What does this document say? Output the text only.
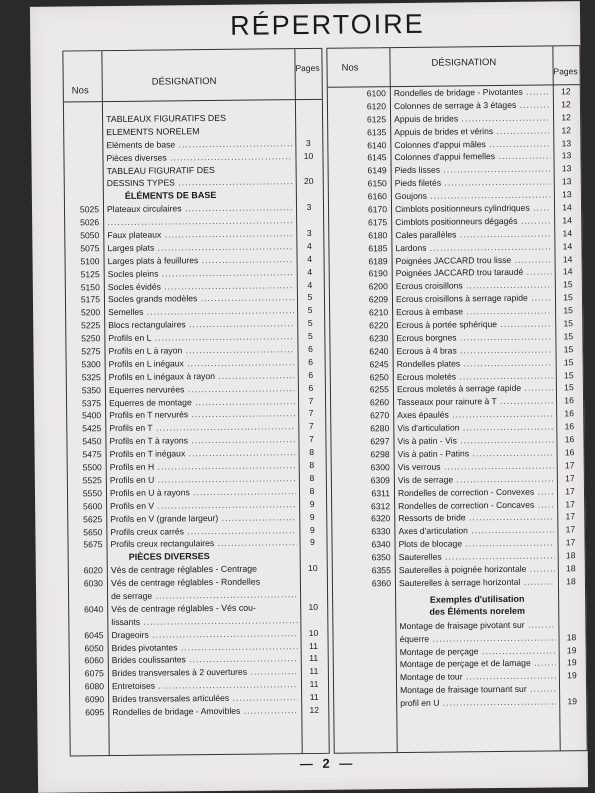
RÉPERTOIRE
Nos
DÉSIGNATION
Pages
TABLEAUX FIGURATIFS DES
ELEMENTS NORELEM
Eléments de base .....	3
Pièces diverses .....	10
TABLEAU FIGURATIF DES
DESSINS TYPES .....	20
ÉLÉMENTS DE BASE
5025 Plateaux circulaires .....	3
5026
.....
5050 Faux plateaux .....	3
5075 Larges plats .....	4
5100 Larges plats à feuillures .....	4
5125 Socles pleins .....	4
5150 Socles évidés .....	4
5175 Socles grands modèles .....	5
5200 Semelles .....	5
5225 Blocs rectangulaires .....	5
5250 Profils en L .....	5
5275 Profils en L à rayon .....	6
5300 Profils en L inégaux .....	6
5325 Profils en L inégaux à rayon .....	6
5350 Equerres nervurées .....	6
5375 Equerres de montage .....	7
5400 Profils en T nervurés .....	7
5425 Profils en T .....	7
5450 Profils en T à rayons .....	7
5475 Profils en T inégaux .....	8
5500 Profils en H .....	8
5525 Profils en U .....	8
5550 Profils en U à rayons .....	8
5600 Profils en V .....	9
5625 Profils en V (grande largeur) .....	9
5650 Profils creux carrés .....	9
5675 Profils creux rectangulaires .....	9
PIÈCES DIVERSES
6020 Vés de centrage réglables - Centrage	10
6030 Vés de centrage réglables - Rondelles
de serrage .....
6040 Vés de centrage réglables - Vés cou-	10
lissants .....
6045 Drageoirs .....	10
6050 Brides pivotantes .....	11
6060 Brides coulissantes .....	11
6075 Brides transversales à 2 ouvertures .....	11
6080 Entretoises .....	11
6090 Brides transversales articulées .....	11
6095 Rondelles de bridage - Amovibles .....	12
Nos	DÉSIGNATION
Pages
6100 Rondelles de bridage - Pivotantes .....	12
6120 Colonnes de serrage à 3 étages .....	12
6125 Appuis de brides .....	12
6135 Appuis de brides et vérins .....	12
6140 Colonnes d'appui mâles .....	13
6145 Colonnes d'appui femelles .....	13
6149 Pieds lisses .....	13
6150 Pieds filetés .....	13
6160 Goujons .....	13
6170 Cimblots positionneurs cylindriques .....	14
6175 Cimblots positionneurs dégagés .....	14
6180 Cales parallèles .....	14
6185 Lardons .....	14
6189 Poignées JACCARD trou lisse .....	14
6190 Poignées JACCARD trou taraudé .....	14
6200 Ecrous croisillons .....	15
6209 Ecrous croisillons à serrage rapide .....	15
6210 Ecrous à embase .....	15
6220 Ecrous à portée sphérique .....	15
6230 Ecrous borgnes .....	15
6240 Ecrous à 4 bras .....	15
6245 Rondelles plates .....	15
6250 Ecrous moletés .....	15
6255 Ecrous moletés à serrage rapide .....	15
6260 Tasseaux pour rainure à T .....	16
6270 Axes épaulés .....	16
6280 Vis d'articulation .....	16
6297 Vis à patin - Vis .....	16
6298 Vis à patin - Patins .....	16
6300 Vis verrous .....	17
6309 Vis de serrage .....	17
6311 Rondelles de correction - Convexes .....	17
6312 Rondelles de correction - Concaves .....	17
6320 Ressorts de bride .....	17
6330 Axes d'articulation .....	17
6340 Plots de blocage .....	17
6350 Sauterelles .....	18
6355 Sauterelles à poignée horizontale .....	18
6360 Sauterelles à serrage horizontal .....	18
Exemples d'utilisation
des Éléments norelem
Montage de fraisage pivotant sur .....
équerre .....	18
Montage de perçage .....	19
Montage de perçage et de lamage .....	19
Montage de tour .....	19
Montage de fraisage tournant sur .....
profil en U .....	19
— 2 —
